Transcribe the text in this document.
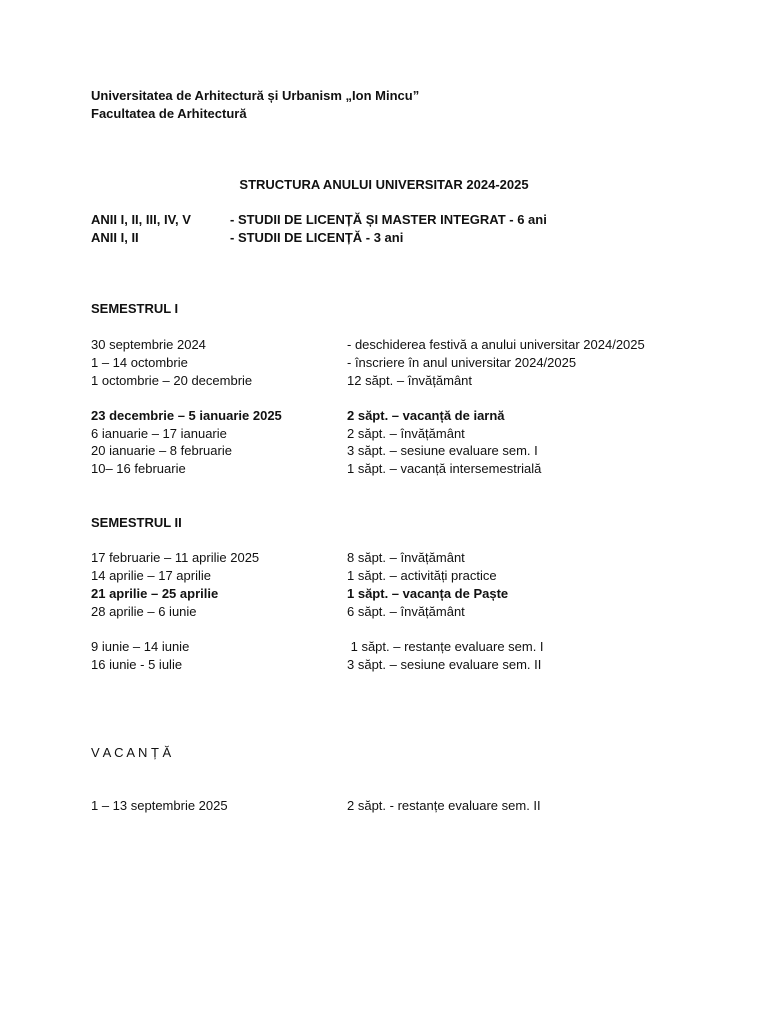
Universitatea de Arhitectură și Urbanism „Ion Mincu”
Facultatea de Arhitectură
STRUCTURA ANULUI UNIVERSITAR 2024-2025
ANII I, II, III, IV, V	- STUDII DE LICENȚĂ ȘI MASTER INTEGRAT - 6 ani
ANII I, II	- STUDII DE LICENȚĂ - 3 ani
SEMESTRUL I
30 septembrie 2024	- deschiderea festivă a anului universitar 2024/2025
1 – 14 octombrie	- înscriere în anul universitar 2024/2025
1 octombrie – 20 decembrie	12 săpt. – învățământ
23 decembrie – 5 ianuarie 2025	2 săpt. – vacanță de iarnă
6 ianuarie – 17 ianuarie	2 săpt. – învățământ
20 ianuarie – 8 februarie	3 săpt. – sesiune evaluare sem. I
10– 16 februarie	1 săpt. – vacanță intersemestrială
SEMESTRUL II
17 februarie – 11 aprilie 2025	8 săpt. – învățământ
14 aprilie – 17 aprilie	1 săpt. – activități practice
21 aprilie – 25 aprilie	1 săpt. – vacanța de Paște
28 aprilie – 6 iunie	6 săpt. – învățământ
9 iunie – 14 iunie	1 săpt. – restanțe evaluare sem. I
16 iunie - 5 iulie	3 săpt. – sesiune evaluare sem. II
V A C A N Ț Ă
1 – 13 septembrie 2025	2 săpt. - restanțe evaluare sem. II
